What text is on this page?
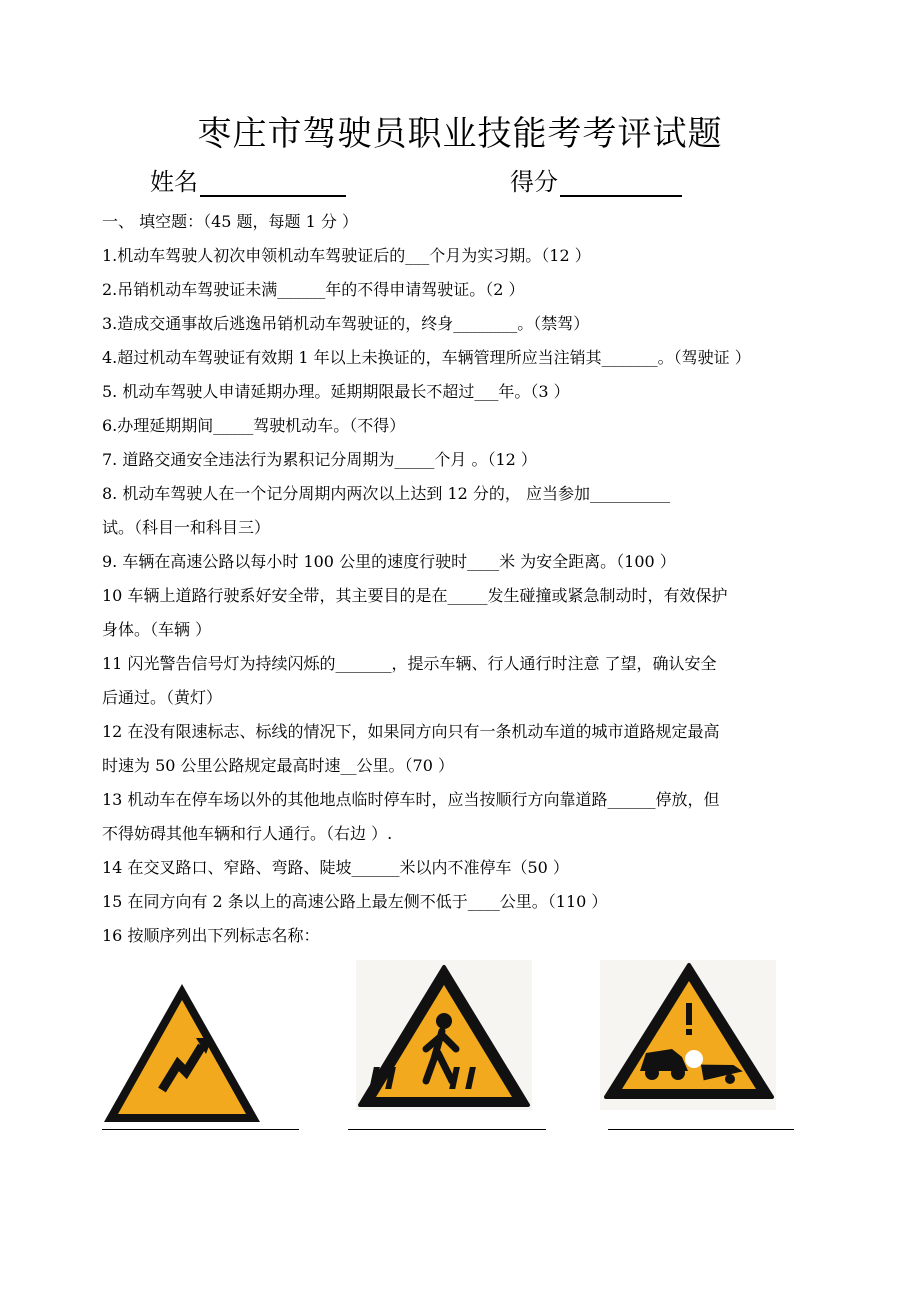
枣庄市驾驶员职业技能考考评试题
姓名	得分
一、 填空题：（45 题，每题 1 分 ）
1.机动车驾驶人初次申领机动车驾驶证后的___个月为实习期。（12 ）
2.吊销机动车驾驶证未满______年的不得申请驾驶证。（2 ）
3.造成交通事故后逃逸吊销机动车驾驶证的，终身________。（禁驾）
4.超过机动车驾驶证有效期 1 年以上未换证的，车辆管理所应当注销其_______。（驾驶证 ）
5. 机动车驾驶人申请延期办理。延期期限最长不超过___年。（3 ）
6.办理延期期间_____驾驶机动车。（不得）
7. 道路交通安全违法行为累积记分周期为_____个月 。（12 ）
8. 机动车驾驶人在一个记分周期内两次以上达到 12 分的， 应当参加__________
试。（科目一和科目三）
9. 车辆在高速公路以每小时 100 公里的速度行驶时____米 为安全距离。（100 ）
10 车辆上道路行驶系好安全带，其主要目的是在_____发生碰撞或紧急制动时，有效保护
身体。（车辆 ）
11 闪光警告信号灯为持续闪烁的_______，提示车辆、行人通行时注意 了望，确认安全
后通过。（黄灯）
12 在没有限速标志、标线的情况下，如果同方向只有一条机动车道的城市道路规定最高
时速为 50 公里公路规定最高时速__公里。（70 ）
13 机动车在停车场以外的其他地点临时停车时，应当按顺行方向靠道路______停放，但
不得妨碍其他车辆和行人通行。（右边 ）.
14 在交叉路口、窄路、弯路、陡坡______米以内不准停车（50 ）
15 在同方向有 2 条以上的高速公路上最左侧不低于____公里。（110 ）
16 按顺序列出下列标志名称：
